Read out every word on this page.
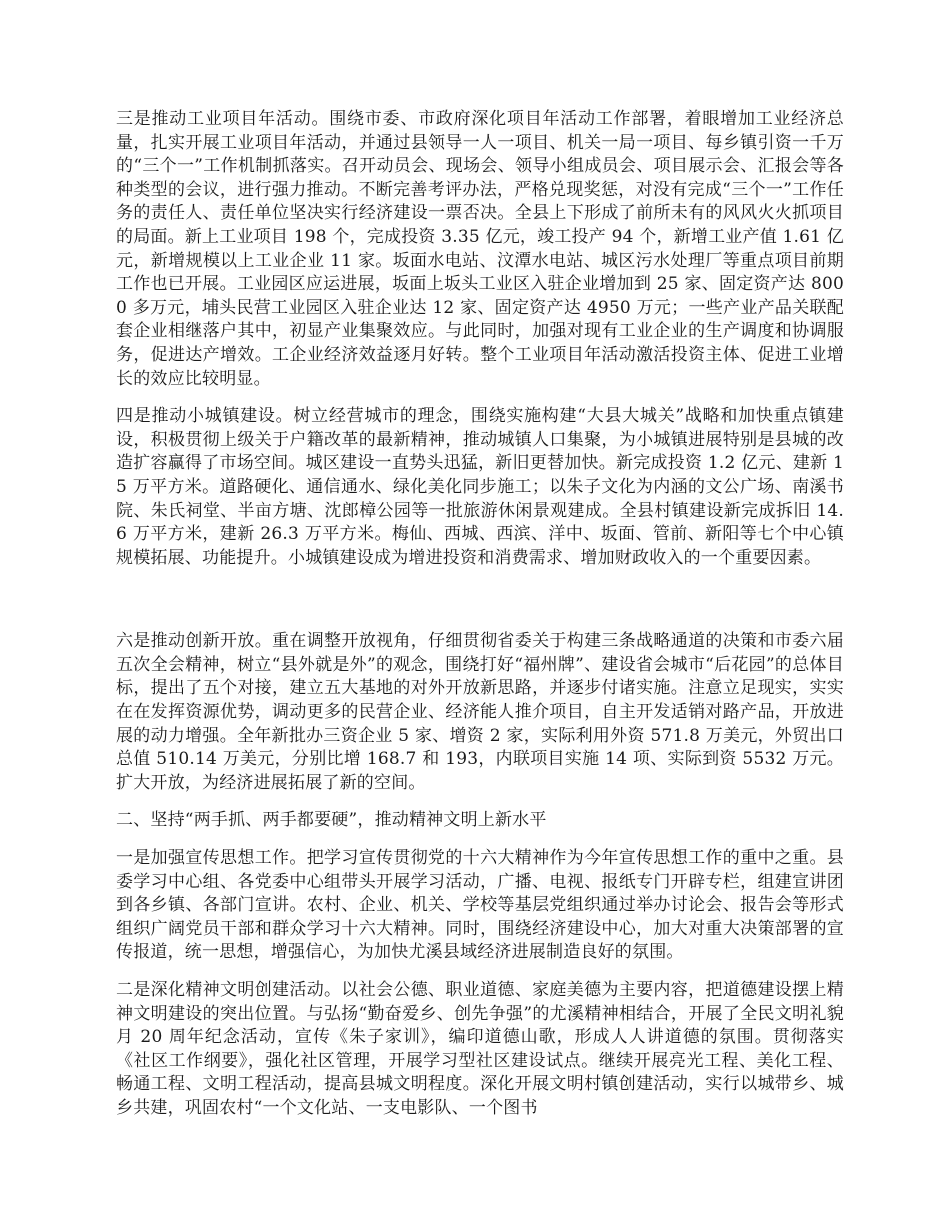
三是推动工业项目年活动。围绕市委、市政府深化项目年活动工作部署，着眼增加工业经济总量，扎实开展工业项目年活动，并通过县领导一人一项目、机关一局一项目、每乡镇引资一千万的“三个一”工作机制抓落实。召开动员会、现场会、领导小组成员会、项目展示会、汇报会等各种类型的会议，进行强力推动。不断完善考评办法，严格兑现奖惩，对没有完成“三个一”工作任务的责任人、责任单位坚决实行经济建设一票否决。全县上下形成了前所未有的风风火火抓项目的局面。新上工业项目 198 个，完成投资 3.35 亿元，竣工投产 94 个，新增工业产值 1.61 亿元，新增规模以上工业企业 11 家。坂面水电站、汶潭水电站、城区污水处理厂等重点项目前期工作也已开展。工业园区应运进展，坂面上坂头工业区入驻企业增加到 25 家、固定资产达 8000 多万元，埔头民营工业园区入驻企业达 12 家、固定资产达 4950 万元；一些产业产品关联配套企业相继落户其中，初显产业集聚效应。与此同时，加强对现有工业企业的生产调度和协调服务，促进达产增效。工企业经济效益逐月好转。整个工业项目年活动激活投资主体、促进工业增长的效应比较明显。

四是推动小城镇建设。树立经营城市的理念，围绕实施构建“大县大城关”战略和加快重点镇建设，积极贯彻上级关于户籍改革的最新精神，推动城镇人口集聚，为小城镇进展特别是县城的改造扩容赢得了市场空间。城区建设一直势头迅猛，新旧更替加快。新完成投资 1.2 亿元、建新 15 万平方米。道路硬化、通信通水、绿化美化同步施工；以朱子文化为内涵的文公广场、南溪书院、朱氏祠堂、半亩方塘、沈郎樟公园等一批旅游休闲景观建成。全县村镇建设新完成拆旧 14.6 万平方米，建新 26.3 万平方米。梅仙、西城、西滨、洋中、坂面、管前、新阳等七个中心镇规模拓展、功能提升。小城镇建设成为增进投资和消费需求、增加财政收入的一个重要因素。

六是推动创新开放。重在调整开放视角，仔细贯彻省委关于构建三条战略通道的决策和市委六届五次全会精神，树立“县外就是外”的观念，围绕打好“福州牌”、建设省会城市“后花园”的总体目标，提出了五个对接，建立五大基地的对外开放新思路，并逐步付诸实施。注意立足现实，实实在在发挥资源优势，调动更多的民营企业、经济能人推介项目，自主开发适销对路产品，开放进展的动力增强。全年新批办三资企业 5 家、增资 2 家，实际利用外资 571.8 万美元，外贸出口总值 510.14 万美元，分别比增 168.7 和 193，内联项目实施 14 项、实际到资 5532 万元。扩大开放，为经济进展拓展了新的空间。

二、坚持“两手抓、两手都要硬”，推动精神文明上新水平

一是加强宣传思想工作。把学习宣传贯彻党的十六大精神作为今年宣传思想工作的重中之重。县委学习中心组、各党委中心组带头开展学习活动，广播、电视、报纸专门开辟专栏，组建宣讲团到各乡镇、各部门宣讲。农村、企业、机关、学校等基层党组织通过举办讨论会、报告会等形式组织广阔党员干部和群众学习十六大精神。同时，围绕经济建设中心，加大对重大决策部署的宣传报道，统一思想，增强信心，为加快尤溪县域经济进展制造良好的氛围。

二是深化精神文明创建活动。以社会公德、职业道德、家庭美德为主要内容，把道德建设摆上精神文明建设的突出位置。与弘扬“勤奋爱乡、创先争强”的尤溪精神相结合，开展了全民文明礼貌月 20 周年纪念活动，宣传《朱子家训》，编印道德山歌，形成人人讲道德的氛围。贯彻落实《社区工作纲要》，强化社区管理，开展学习型社区建设试点。继续开展亮光工程、美化工程、畅通工程、文明工程活动，提高县城文明程度。深化开展文明村镇创建活动，实行以城带乡、城乡共建，巩固农村“一个文化站、一支电影队、一个图书
